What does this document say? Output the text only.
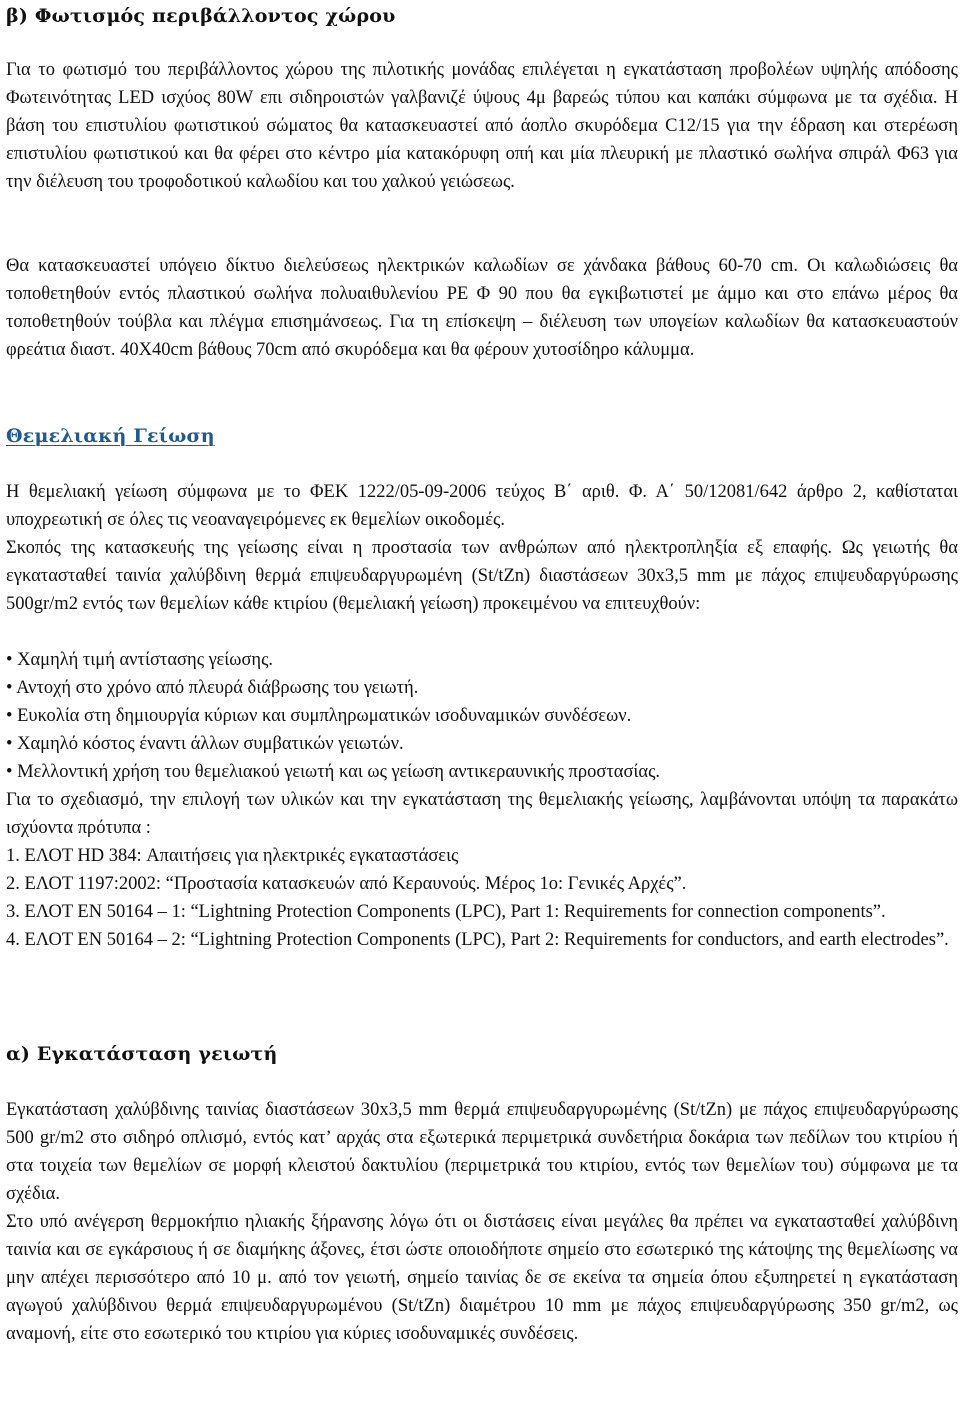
β) Φωτισμός περιβάλλοντος χώρου

Για το φωτισμό του περιβάλλοντος χώρου της πιλοτικής μονάδας επιλέγεται η εγκατάσταση προβολέων υψηλής απόδοσης Φωτεινότητας LED ισχύος 80W επι σιδηροιστών γαλβανιζέ ύψους 4μ βαρεώς τύπου και καπάκι σύμφωνα με τα σχέδια. Η βάση του επιστυλίου φωτιστικού σώματος θα κατασκευαστεί από άοπλο σκυρόδεμα C12/15 για την έδραση και στερέωση επιστυλίου φωτιστικού και θα φέρει στο κέντρο μία κατακόρυφη οπή και μία πλευρική με πλαστικό σωλήνα σπιράλ Φ63 για την διέλευση του τροφοδοτικού καλωδίου και του χαλκού γειώσεως.

Θα κατασκευαστεί υπόγειο δίκτυο διελεύσεως ηλεκτρικών καλωδίων σε χάνδακα βάθους 60-70 cm. Οι καλωδιώσεις θα τοποθετηθούν εντός πλαστικού σωλήνα πολυαιθυλενίου PE Φ 90 που θα εγκιβωτιστεί με άμμο και στο επάνω μέρος θα τοποθετηθούν τούβλα και πλέγμα επισημάνσεως. Για τη επίσκεψη – διέλευση των υπογείων καλωδίων θα κατασκευαστούν φρεάτια διαστ. 40Χ40cm βάθους 70cm από σκυρόδεμα και θα φέρουν χυτοσίδηρο κάλυμμα.

Θεμελιακή Γείωση

Η θεμελιακή γείωση σύμφωνα με το ΦΕΚ 1222/05-09-2006 τεύχος Β΄ αριθ. Φ. Α΄ 50/12081/642 άρθρο 2, καθίσταται υποχρεωτική σε όλες τις νεοαναγειρόμενες εκ θεμελίων οικοδομές.

Σκοπός της κατασκευής της γείωσης είναι η προστασία των ανθρώπων από ηλεκτροπληξία εξ επαφής. Ως γειωτής θα εγκατασταθεί ταινία χαλύβδινη θερμά επιψευδαργυρωμένη (St/tZn) διαστάσεων 30x3,5 mm με πάχος επιψευδαργύρωσης 500gr/m2 εντός των θεμελίων κάθε κτιρίου (θεμελιακή γείωση) προκειμένου να επιτευχθούν:

• Χαμηλή τιμή αντίστασης γείωσης.

• Αντοχή στο χρόνο από πλευρά διάβρωσης του γειωτή.

• Ευκολία στη δημιουργία κύριων και συμπληρωματικών ισοδυναμικών συνδέσεων.

• Χαμηλό κόστος έναντι άλλων συμβατικών γειωτών.

• Μελλοντική χρήση του θεμελιακού γειωτή και ως γείωση αντικεραυνικής προστασίας.

Για το σχεδιασμό, την επιλογή των υλικών και την εγκατάσταση της θεμελιακής γείωσης, λαμβάνονται υπόψη τα παρακάτω ισχύοντα πρότυπα :

1. ΕΛΟΤ HD 384: Απαιτήσεις για ηλεκτρικές εγκαταστάσεις

2. ΕΛΟΤ 1197:2002: “Προστασία κατασκευών από Κεραυνούς. Μέρος 1ο: Γενικές Αρχές”.

3. ΕΛΟΤ EN 50164 – 1: “Lightning Protection Components (LPC), Part 1: Requirements for connection components”.

4. ΕΛΟΤ EN 50164 – 2: “Lightning Protection Components (LPC), Part 2: Requirements for conductors, and earth electrodes”.

α) Εγκατάσταση γειωτή

Εγκατάσταση χαλύβδινης ταινίας διαστάσεων 30x3,5 mm θερμά επιψευδαργυρωμένης (St/tZn) με πάχος επιψευδαργύρωσης 500 gr/m2 στο σιδηρό οπλισμό, εντός κατ’ αρχάς στα εξωτερικά περιμετρικά συνδετήρια δοκάρια των πεδίλων του κτιρίου ή στα τοιχεία των θεμελίων σε μορφή κλειστού δακτυλίου (περιμετρικά του κτιρίου, εντός των θεμελίων του) σύμφωνα με τα σχέδια.

Στο υπό ανέγερση θερμοκήπιο ηλιακής ξήρανσης λόγω ότι οι διστάσεις είναι μεγάλες θα πρέπει να εγκατασταθεί χαλύβδινη ταινία και σε εγκάρσιους ή σε διαμήκης άξονες, έτσι ώστε οποιοδήποτε σημείο στο εσωτερικό της κάτοψης της θεμελίωσης να μην απέχει περισσότερο από 10 μ. από τον γειωτή, σημείο ταινίας δε σε εκείνα τα σημεία όπου εξυπηρετεί η εγκατάσταση αγωγού χαλύβδινου θερμά επιψευδαργυρωμένου (St/tZn) διαμέτρου 10 mm με πάχος επιψευδαργύρωσης 350 gr/m2, ως αναμονή, είτε στο εσωτερικό του κτιρίου για κύριες ισοδυναμικές συνδέσεις.
